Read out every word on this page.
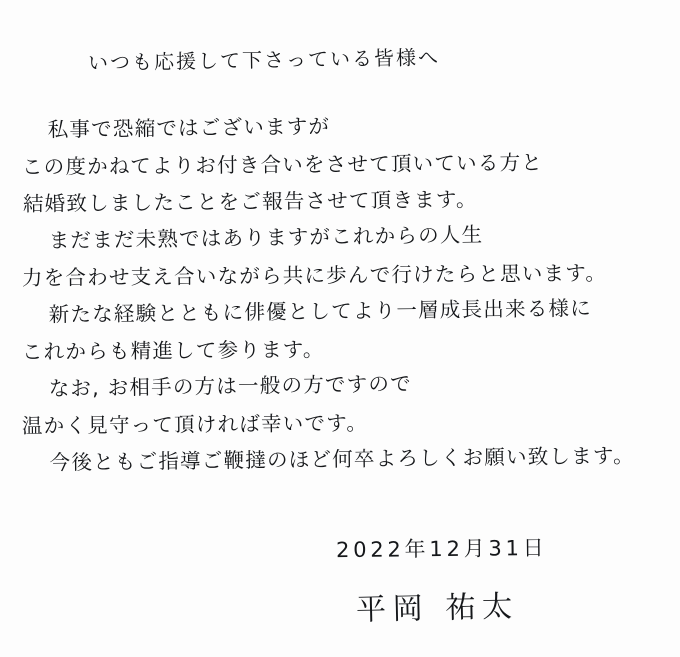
いつも応援して下さっている皆様へ
　私事で恐縮ではございますが
この度かねてよりお付き合いをさせて頂いている方と
結婚致しましたことをご報告させて頂きます。
　まだまだ未熟ではありますがこれからの人生
力を合わせ支え合いながら共に歩んで行けたらと思います。
　新たな経験とともに俳優としてより一層成長出来る様に
これからも精進して参ります。
　なお, お相手の方は一般の方ですので
温かく見守って頂ければ幸いです。
　今後ともご指導ご鞭撻のほど何卒よろしくお願い致します。
2022年12月31日
平岡 祐太
